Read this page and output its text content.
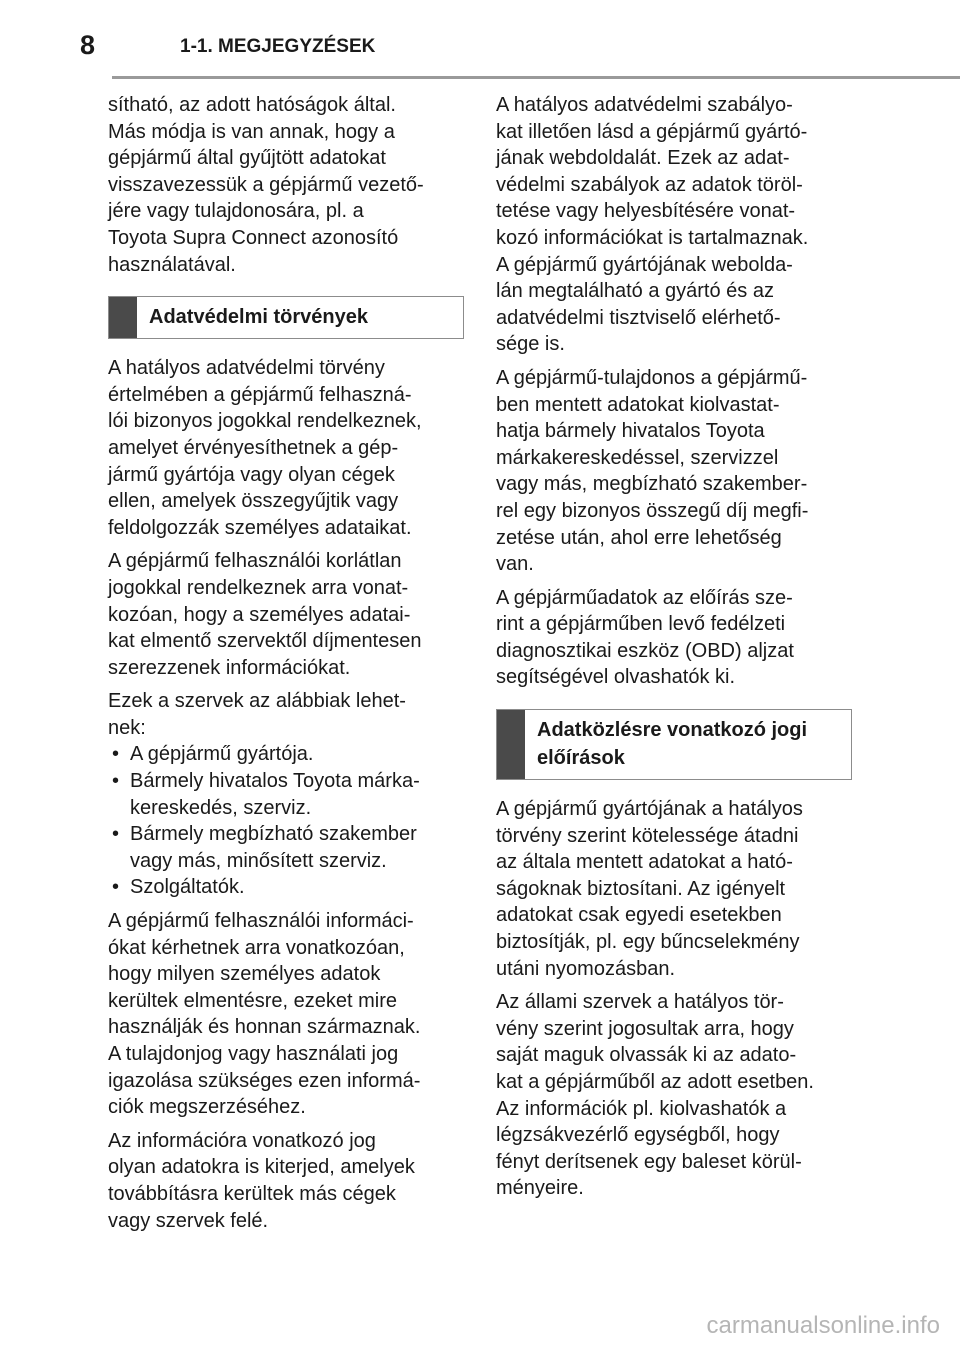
8	1-1. MEGJEGYZÉSEK

sítható, az adott hatóságok által.
Más módja is van annak, hogy a
gépjármű által gyűjtött adatokat
visszavezessük a gépjármű vezető-
jére vagy tulajdonosára, pl. a
Toyota Supra Connect azonosító
használatával.

Adatvédelmi törvények

A hatályos adatvédelmi törvény
értelmében a gépjármű felhaszná-
lói bizonyos jogokkal rendelkeznek,
amelyet érvényesíthetnek a gép-
jármű gyártója vagy olyan cégek
ellen, amelyek összegyűjtik vagy
feldolgozzák személyes adataikat.

A gépjármű felhasználói korlátlan
jogokkal rendelkeznek arra vonat-
kozóan, hogy a személyes adatai-
kat elmentő szervektől díjmentesen
szerezzenek információkat.

Ezek a szervek az alábbiak lehet-
nek:

• A gépjármű gyártója.
• Bármely hivatalos Toyota márka-
kereskedés, szerviz.
• Bármely megbízható szakember
vagy más, minősített szerviz.
• Szolgáltatók.

A gépjármű felhasználói informáci-
ókat kérhetnek arra vonatkozóan,
hogy milyen személyes adatok
kerültek elmentésre, ezeket mire
használják és honnan származnak.
A tulajdonjog vagy használati jog
igazolása szükséges ezen informá-
ciók megszerzéséhez.

Az információra vonatkozó jog
olyan adatokra is kiterjed, amelyek
továbbításra kerültek más cégek
vagy szervek felé.

A hatályos adatvédelmi szabályo-
kat illetően lásd a gépjármű gyártó-
jának webdoldalát. Ezek az adat-
védelmi szabályok az adatok töröl-
tetése vagy helyesbítésére vonat-
kozó információkat is tartalmaznak.
A gépjármű gyártójának webolda-
lán megtalálható a gyártó és az
adatvédelmi tisztviselő elérhető-
sége is.

A gépjármű-tulajdonos a gépjármű-
ben mentett adatokat kiolvastat-
hatja bármely hivatalos Toyota
márkakereskedéssel, szervizzel
vagy más, megbízható szakember-
rel egy bizonyos összegű díj megfi-
zetése után, ahol erre lehetőség
van.

A gépjárműadatok az előírás sze-
rint a gépjárműben levő fedélzeti
diagnosztikai eszköz (OBD) aljzat
segítségével olvashatók ki.

Adatközlésre vonatkozó jogi
előírások

A gépjármű gyártójának a hatályos
törvény szerint kötelessége átadni
az általa mentett adatokat a ható-
ságoknak biztosítani. Az igényelt
adatokat csak egyedi esetekben
biztosítják, pl. egy bűncselekmény
utáni nyomozásban.

Az állami szervek a hatályos tör-
vény szerint jogosultak arra, hogy
saját maguk olvassák ki az adato-
kat a gépjárműből az adott esetben.
Az információk pl. kiolvashatók a
légzsákvezérlő egységből, hogy
fényt derítsenek egy baleset körül-
ményeire.

carmanualsonline.info
